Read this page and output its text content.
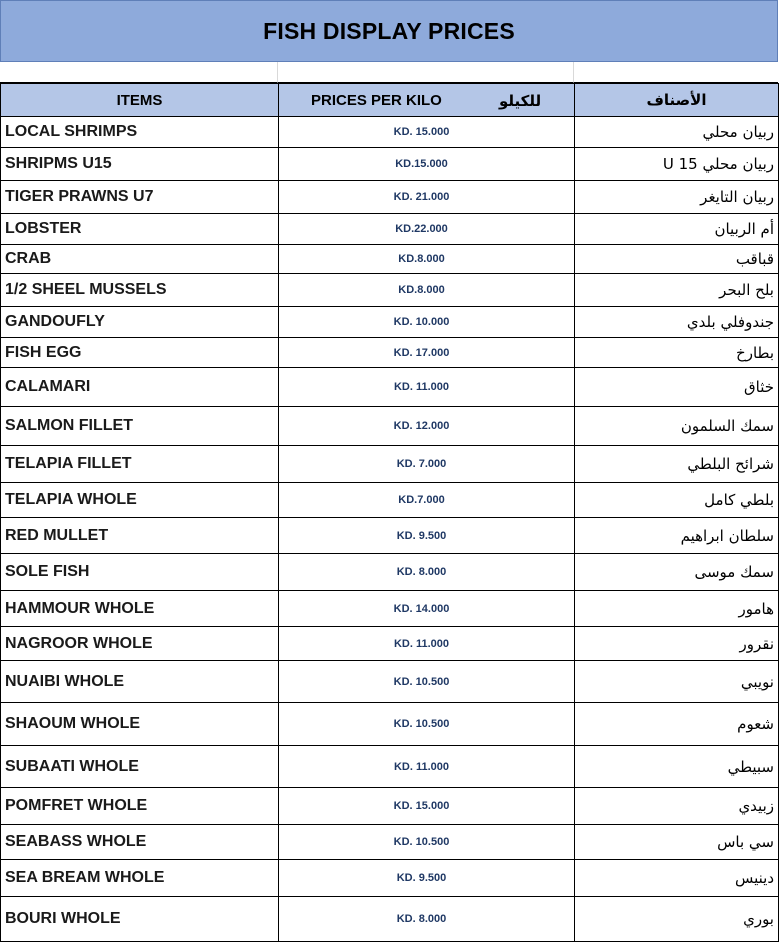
FISH DISPLAY PRICES
ITEMS	PRICES PER KILO للكيلو	الأصناف
LOCAL SHRIMPS	KD. 15.000	ربيان محلي
SHRIPMS U15	KD.15.000	ربيان محلي U 15
TIGER PRAWNS U7	KD. 21.000	ربيان التايغر
LOBSTER	KD.22.000	أم الربيان
CRAB	KD.8.000	قباقب
1/2 SHEEL MUSSELS	KD.8.000	بلح البحر
GANDOUFLY	KD. 10.000	جندوفلي بلدي
FISH EGG	KD. 17.000	بطارخ
CALAMARI	KD. 11.000	خثاق
SALMON FILLET	KD. 12.000	سمك السلمون
TELAPIA FILLET	KD. 7.000	شرائح البلطي
TELAPIA WHOLE	KD.7.000	بلطي كامل
RED MULLET	KD. 9.500	سلطان ابراهيم
SOLE FISH	KD. 8.000	سمك موسى
HAMMOUR WHOLE	KD. 14.000	هامور
NAGROOR WHOLE	KD. 11.000	نقرور
NUAIBI WHOLE	KD. 10.500	نويبي
SHAOUM WHOLE	KD. 10.500	شعوم
SUBAATI WHOLE	KD. 11.000	سبيطي
POMFRET WHOLE	KD. 15.000	زبيدي
SEABASS WHOLE	KD. 10.500	سي باس
SEA BREAM WHOLE	KD. 9.500	دينيس
BOURI WHOLE	KD. 8.000	بوري
